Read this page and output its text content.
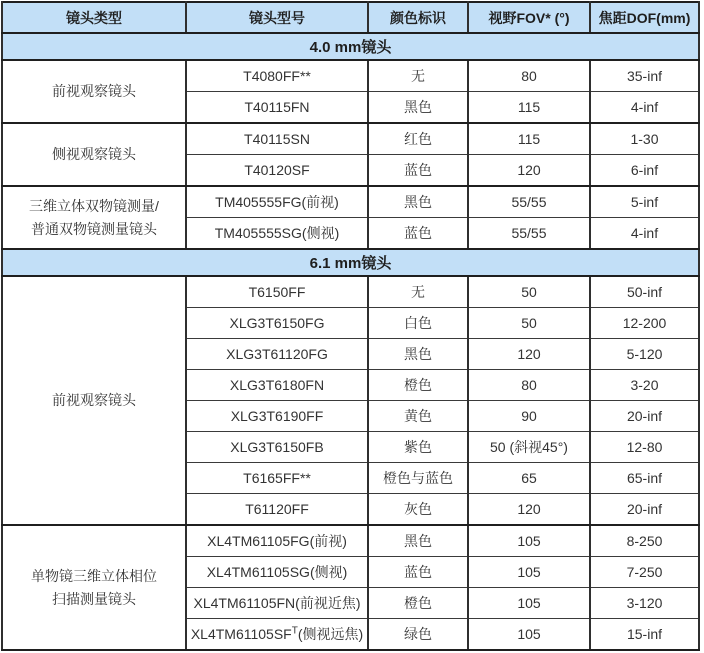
镜头类型	镜头型号	颜色标识	视野FOV* (°)	焦距DOF(mm)
4.0 mm镜头				
前视观察镜头	T4080FF**	无	80	35-inf
	T40115FN	黑色	115	4-inf
侧视观察镜头	T40115SN	红色	115	1-30
	T40120SF	蓝色	120	6-inf
三维立体双物镜测量/
普通双物镜测量镜头	TM405555FG(前视)	黑色	55/55	5-inf
	TM405555SG(侧视)	蓝色	55/55	4-inf
6.1 mm镜头				
前视观察镜头	T6150FF	无	50	50-inf
	XLG3T6150FG	白色	50	12-200
	XLG3T61120FG	黑色	120	5-120
	XLG3T6180FN	橙色	80	3-20
	XLG3T6190FF	黄色	90	20-inf
	XLG3T6150FB	紫色	50 (斜视45°)	12-80
	T6165FF**	橙色与蓝色	65	65-inf
	T61120FF	灰色	120	20-inf
单物镜三维立体相位
扫描测量镜头	XL4TM61105FG(前视)	黑色	105	8-250
	XL4TM61105SG(侧视)	蓝色	105	7-250
	XL4TM61105FN(前视近焦)	橙色	105	3-120
	$XL4TM61105SF^T$(侧视远焦)	绿色	105	15-inf
